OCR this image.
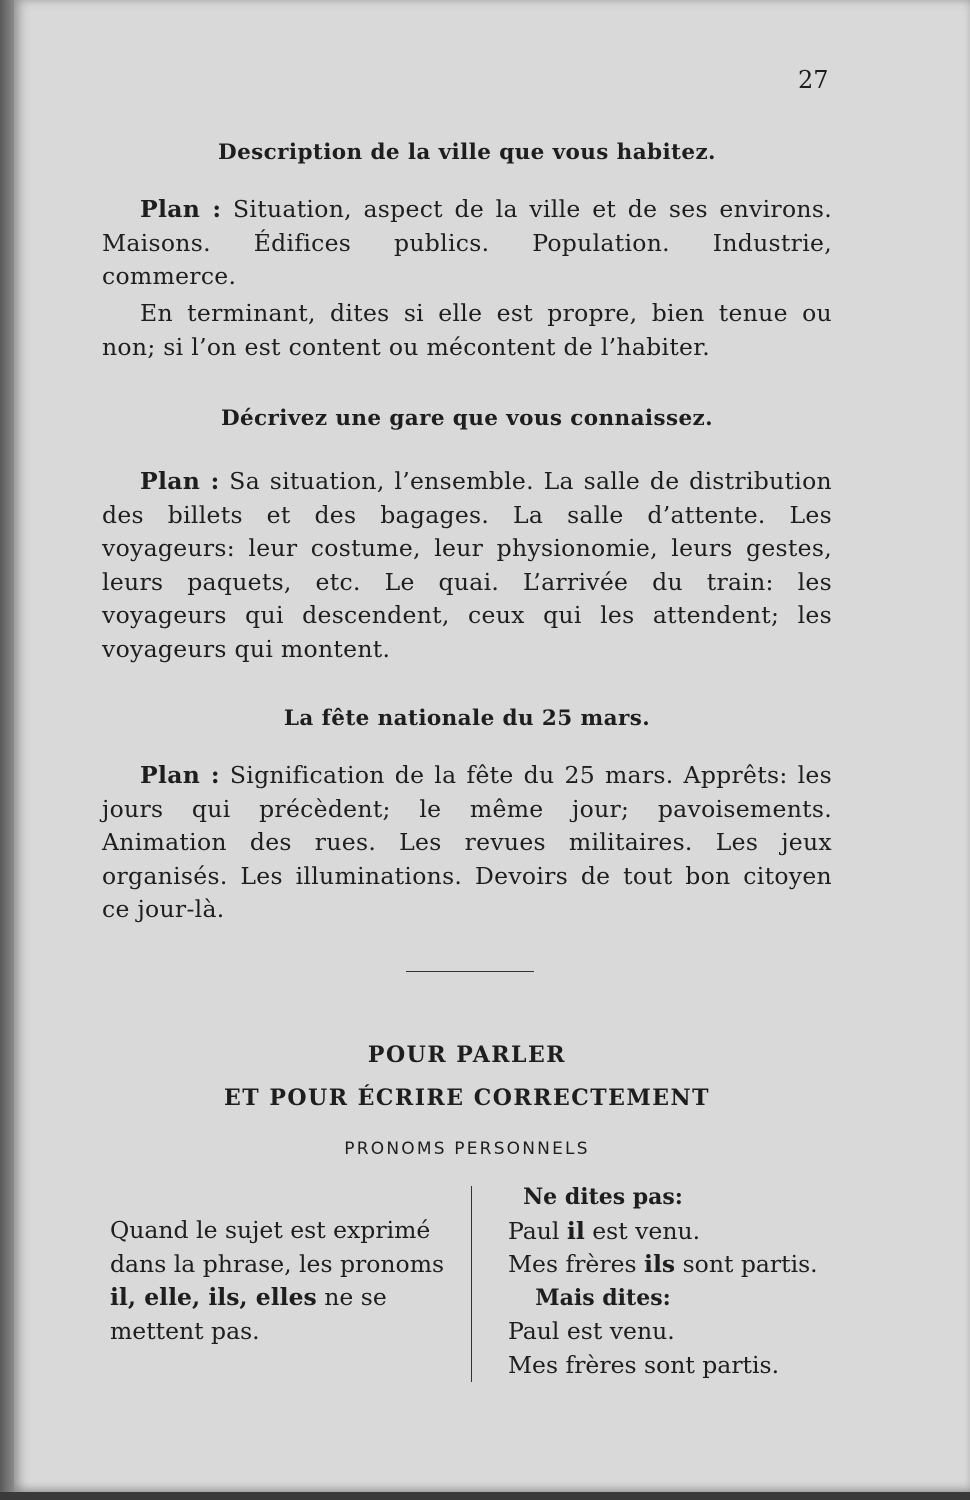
27
Description de la ville que vous habitez.
Plan : Situation, aspect de la ville et de ses environs. Maisons. Édifices publics. Population. Industrie, commerce.
En terminant, dites si elle est propre, bien tenue ou non; si l’on est content ou mécontent de l’habiter.
Décrivez une gare que vous connaissez.
Plan : Sa situation, l’ensemble. La salle de distribution des billets et des bagages. La salle d’attente. Les voyageurs: leur costume, leur physionomie, leurs gestes, leurs paquets, etc. Le quai. L’arrivée du train: les voyageurs qui descendent, ceux qui les attendent; les voyageurs qui montent.
La fête nationale du 25 mars.
Plan : Signification de la fête du 25 mars. Apprêts: les jours qui précèdent; le même jour; pavoisements. Animation des rues. Les revues militaires. Les jeux organisés. Les illuminations. Devoirs de tout bon citoyen ce jour-là.
POUR PARLER
ET POUR ÉCRIRE CORRECTEMENT
PRONOMS PERSONNELS
Quand le sujet est exprimé dans la phrase, les pronoms il, elle, ils, elles ne se mettent pas.
Ne dites pas:
Paul il est venu.
Mes frères ils sont partis.
Mais dites:
Paul est venu.
Mes frères sont partis.
